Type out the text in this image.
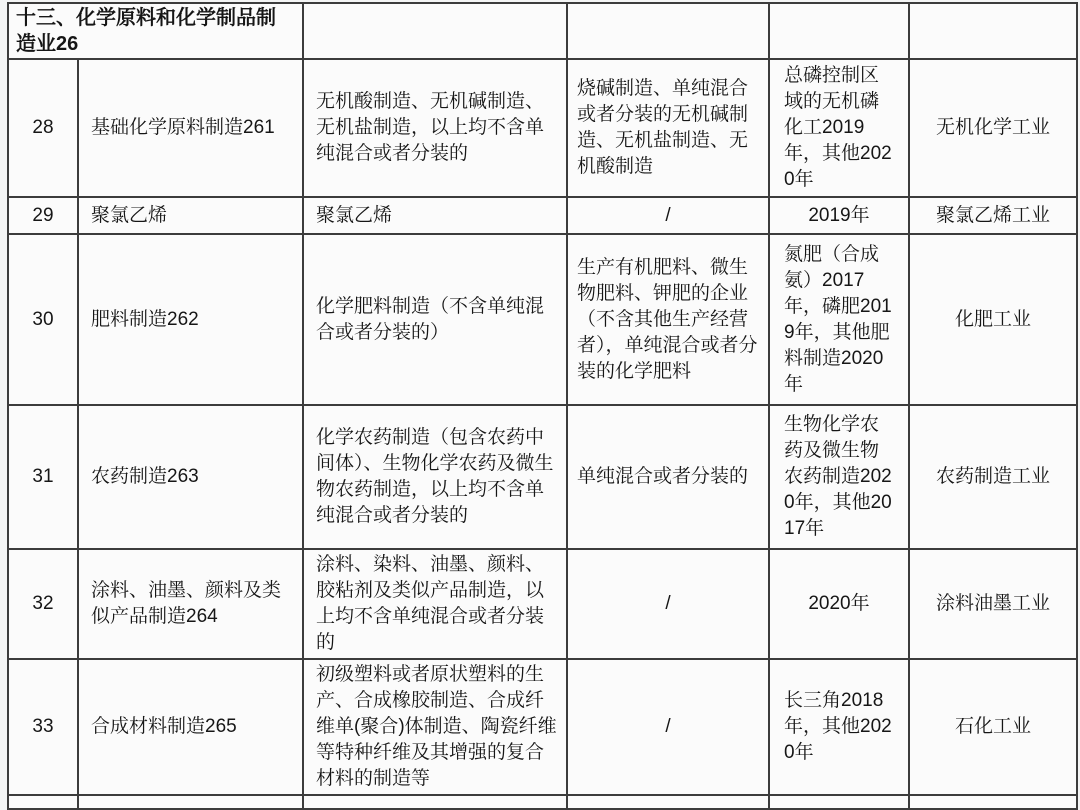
十三、化学原料和化学制品制造业26					
28	基础化学原料制造261	无机酸制造、无机碱制造、无机盐制造，以上均不含单纯混合或者分装的	烧碱制造、单纯混合或者分装的无机碱制造、无机盐制造、无机酸制造	总磷控制区域的无机磷化工2019年，其他2020年	无机化学工业
29	聚氯乙烯	聚氯乙烯	/	2019年	聚氯乙烯工业
30	肥料制造262	化学肥料制造（不含单纯混合或者分装的）	生产有机肥料、微生物肥料、钾肥的企业（不含其他生产经营者），单纯混合或者分装的化学肥料	氮肥（合成氨）2017年，磷肥2019年，其他肥料制造2020年	化肥工业
31	农药制造263	化学农药制造（包含农药中间体）、生物化学农药及微生物农药制造，以上均不含单纯混合或者分装的	单纯混合或者分装的	生物化学农药及微生物农药制造2020年，其他2017年	农药制造工业
32	涂料、油墨、颜料及类似产品制造264	涂料、染料、油墨、颜料、胶粘剂及类似产品制造，以上均不含单纯混合或者分装的	/	2020年	涂料油墨工业
33	合成材料制造265	初级塑料或者原状塑料的生产、合成橡胶制造、合成纤维单(聚合)体制造、陶瓷纤维等特种纤维及其增强的复合材料的制造等	/	长三角2018年，其他2020年	石化工业
